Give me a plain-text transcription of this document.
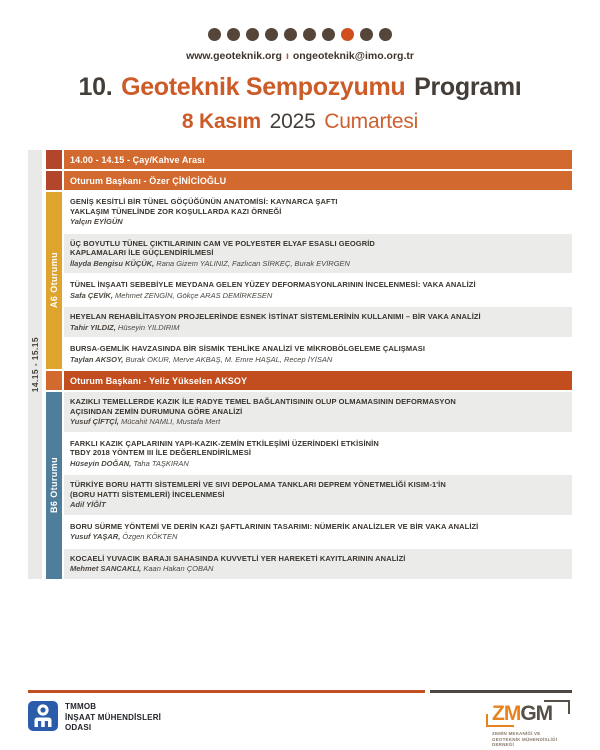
www.geoteknik.org ı ongeoteknik@imo.org.tr
10. Geoteknik Sempozyumu Programı
8 Kasım 2025 Cumartesi
14.15 - 15.15
14.00 - 14.15 - Çay/Kahve Arası
Oturum Başkanı - Özer ÇİNİCİOĞLU
A6 Oturumu
GENİŞ KESİTLİ BİR TÜNEL GÖÇÜĞÜNÜN ANATOMİSİ: KAYNARCA ŞAFTI
YAKLAŞIM TÜNELİNDE ZOR KOŞULLARDA KAZI ÖRNEĞİ
Yalçın EYİGÜN
ÜÇ BOYUTLU TÜNEL ÇIKTILARININ CAM VE POLYESTER ELYAF ESASLI GEOGRİD
KAPLAMALARI İLE GÜÇLENDİRİLMESİ
İlayda Bengisu KÜÇÜK, Rana Gizem YALINIZ, Fazlıcan SİRKEÇ, Burak EVİRGEN
TÜNEL İNŞAATI SEBEBİYLE MEYDANA GELEN YÜZEY DEFORMASYONLARININ İNCELENMESİ: VAKA ANALİZİ
Safa ÇEVİK, Mehmet ZENGİN, Gökçe ARAS DEMİRKESEN
HEYELAN REHABİLİTASYON PROJELERİNDE ESNEK İSTİNAT SİSTEMLERİNİN KULLANIMI – BİR VAKA ANALİZİ
Tahir YILDIZ, Hüseyin YILDIRIM
BURSA-GEMLİK HAVZASINDA BİR SİSMİK TEHLİKE ANALİZİ VE MİKROBÖLGELEME ÇALIŞMASI
Taylan AKSOY, Burak OKUR, Merve AKBAŞ, M. Emre HAŞAL, Recep İYİSAN
Oturum Başkanı - Yeliz Yükselen AKSOY
B6 Oturumu
KAZIKLI TEMELLERDE KAZIK İLE RADYE TEMEL BAĞLANTISININ OLUP OLMAMASININ DEFORMASYON
AÇISINDAN ZEMİN DURUMUNA GÖRE ANALİZİ
Yusuf ÇİFTÇİ, Mücahit NAMLI, Mustafa Mert
FARKLI KAZIK ÇAPLARININ YAPI-KAZIK-ZEMİN ETKİLEŞİMİ ÜZERİNDEKİ ETKİSİNİN
TBDY 2018 YÖNTEM III İLE DEĞERLENDİRİLMESİ
Hüseyin DOĞAN, Taha TAŞKIRAN
TÜRKİYE BORU HATTI SİSTEMLERİ VE SIVI DEPOLAMA TANKLARI DEPREM YÖNETMELİĞİ KISIM-1'İN
(BORU HATTI SİSTEMLERİ) İNCELENMESİ
Adil YİĞİT
BORU SÜRME YÖNTEMİ VE DERİN KAZI ŞAFTLARININ TASARIMI: NÜMERİK ANALİZLER VE BİR VAKA ANALİZİ
Yusuf YAŞAR, Özgen KÖKTEN
KOCAELİ YUVACIK BARAJI SAHASINDA KUVVETLİ YER HAREKETİ KAYITLARININ ANALİZİ
Mehmet SANCAKLI, Kaan Hakan ÇOBAN
TMMOB
İNŞAAT MÜHENDİSLERİ
ODASI
ZMGM
ZEMİN MEKANİĞİ VE
GEOTEKNİK MÜHENDİSLİĞİ
DERNEĞİ
